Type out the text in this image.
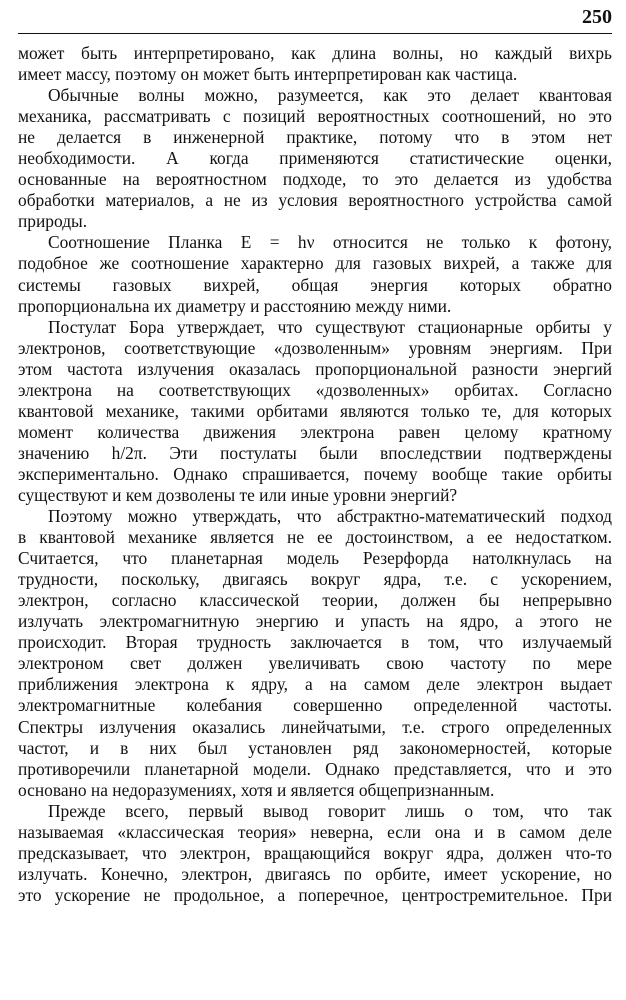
250
может быть интерпретировано, как длина волны, но каждый вихрь
имеет массу, поэтому он может быть интерпретирован как частица.
Обычные волны можно, разумеется, как это делает квантовая
механика, рассматривать с позиций вероятностных соотношений, но это
не делается в инженерной практике, потому что в этом нет
необходимости. А когда применяются статистические оценки,
основанные на вероятностном подходе, то это делается из удобства
обработки материалов, а не из условия вероятностного устройства самой
природы.
Соотношение Планка E = hν относится не только к фотону,
подобное же соотношение характерно для газовых вихрей, а также для
системы газовых вихрей, общая энергия которых обратно
пропорциональна их диаметру и расстоянию между ними.
Постулат Бора утверждает, что существуют стационарные орбиты у
электронов, соответствующие «дозволенным» уровням энергиям. При
этом частота излучения оказалась пропорциональной разности энергий
электрона на соответствующих «дозволенных» орбитах. Согласно
квантовой механике, такими орбитами являются только те, для которых
момент количества движения электрона равен целому кратному
значению h/2π. Эти постулаты были впоследствии подтверждены
экспериментально. Однако спрашивается, почему вообще такие орбиты
существуют и кем дозволены те или иные уровни энергий?
Поэтому можно утверждать, что абстрактно-математический подход
в квантовой механике является не ее достоинством, а ее недостатком.
Считается, что планетарная модель Резерфорда натолкнулась на
трудности, поскольку, двигаясь вокруг ядра, т.е. с ускорением,
электрон, согласно классической теории, должен бы непрерывно
излучать электромагнитную энергию и упасть на ядро, а этого не
происходит. Вторая трудность заключается в том, что излучаемый
электроном свет должен увеличивать свою частоту по мере
приближения электрона к ядру, а на самом деле электрон выдает
электромагнитные колебания совершенно определенной частоты.
Спектры излучения оказались линейчатыми, т.е. строго определенных
частот, и в них был установлен ряд закономерностей, которые
противоречили планетарной модели. Однако представляется, что и это
основано на недоразумениях, хотя и является общепризнанным.
Прежде всего, первый вывод говорит лишь о том, что так
называемая «классическая теория» неверна, если она и в самом деле
предсказывает, что электрон, вращающийся вокруг ядра, должен что-то
излучать. Конечно, электрон, двигаясь по орбите, имеет ускорение, но
это ускорение не продольное, а поперечное, центростремительное. При
